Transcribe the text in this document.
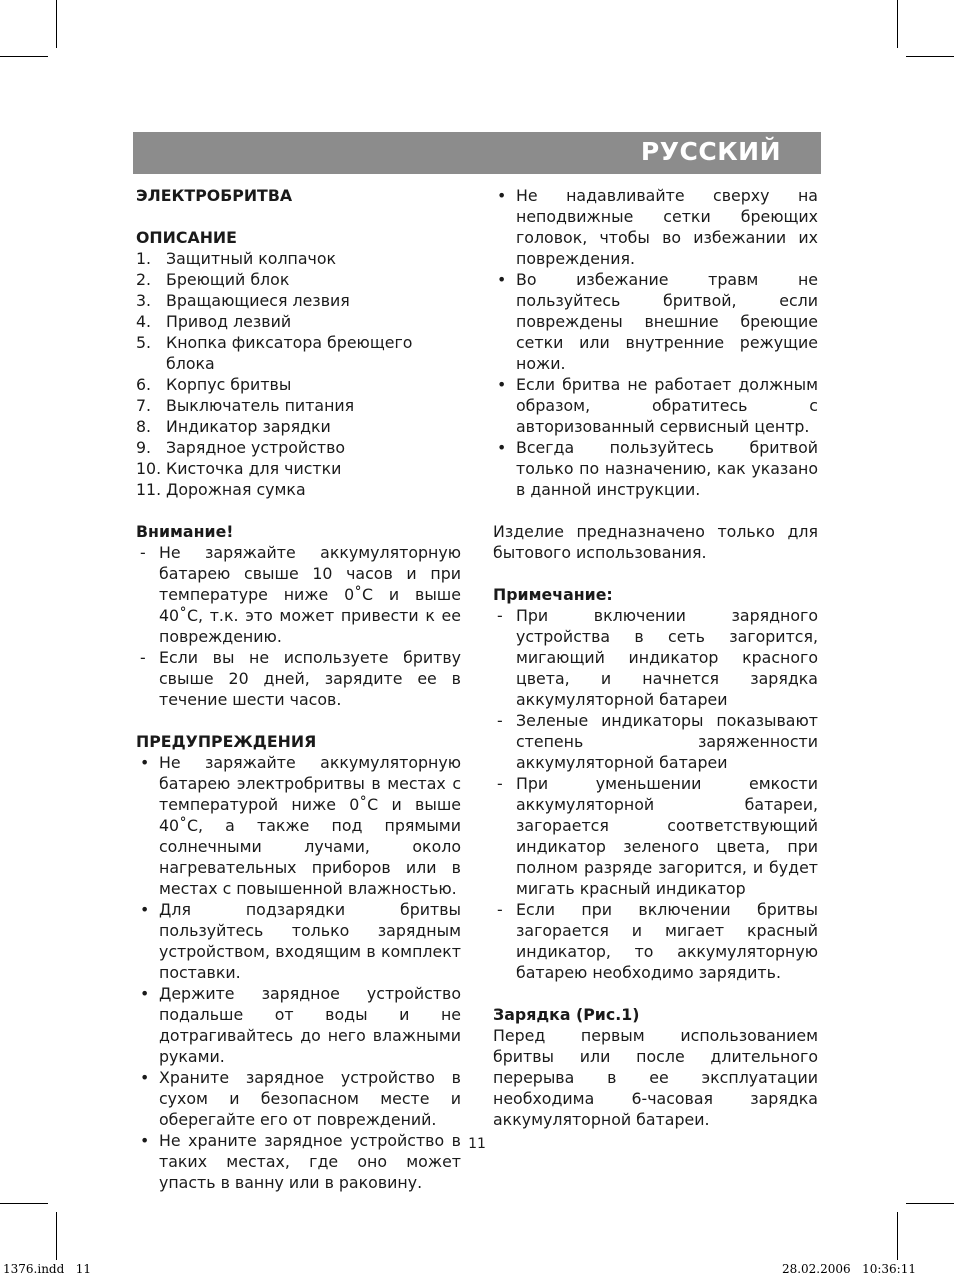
РУССКИЙ
ЭЛЕКТРОБРИТВА
ОПИСАНИЕ
1. Защитный колпачок
2. Бреющий блок
3. Вращающиеся лезвия
4. Привод лезвий
5. Кнопка фиксатора бреющего блока
6. Корпус бритвы
7. Выключатель питания
8. Индикатор зарядки
9. Зарядное устройство
10. Кисточка для чистки
11. Дорожная сумка
Внимание!
- Не заряжайте аккумуляторную батарею свыше 10 часов и при температуре ниже 0˚С и выше 40˚С, т.к. это может привести к ее повреждению.
- Если вы не используете бритву свыше 20 дней, зарядите ее в течение шести часов.
ПРЕДУПРЕЖДЕНИЯ
• Не заряжайте аккумуляторную батарею электробритвы в местах с температурой ниже 0˚С и выше 40˚С, а также под прямыми солнечными лучами, около нагревательных приборов или в местах с повышенной влажностью.
• Для подзарядки бритвы пользуйтесь только зарядным устройством, входящим в комплект поставки.
• Держите зарядное устройство подальше от воды и не дотрагивайтесь до него влажными руками.
• Храните зарядное устройство в сухом и безопасном месте и оберегайте его от повреждений.
• Не храните зарядное устройство в таких местах, где оно может упасть в ванну или в раковину.
• Не надавливайте сверху на неподвижные сетки бреющих головок, чтобы во избежании их повреждения.
• Во избежание травм не пользуйтесь бритвой, если повреждены внешние бреющие сетки или внутренние режущие ножи.
• Если бритва не работает должным образом, обратитесь с авторизованный сервисный центр.
• Всегда пользуйтесь бритвой только по назначению, как указано в данной инструкции.
Изделие предназначено только для бытового использования.
Примечание:
- При включении зарядного устройства в сеть загорится, мигающий индикатор красного цвета, и начнется зарядка аккумуляторной батареи
- Зеленые индикаторы показывают степень заряженности аккумуляторной батареи
- При уменьшении емкости аккумуляторной батареи, загорается соответствующий индикатор зеленого цвета, при полном разряде загорится, и будет мигать красный индикатор
- Если при включении бритвы загорается и мигает красный индикатор, то аккумуляторную батарею необходимо зарядить.
Зарядка (Рис.1)
Перед первым использованием бритвы или после длительного перерыва в ее эксплуатации необходима 6-часовая зарядка аккумуляторной батареи.
11
1376.indd   11	28.02.2006   10:36:11
